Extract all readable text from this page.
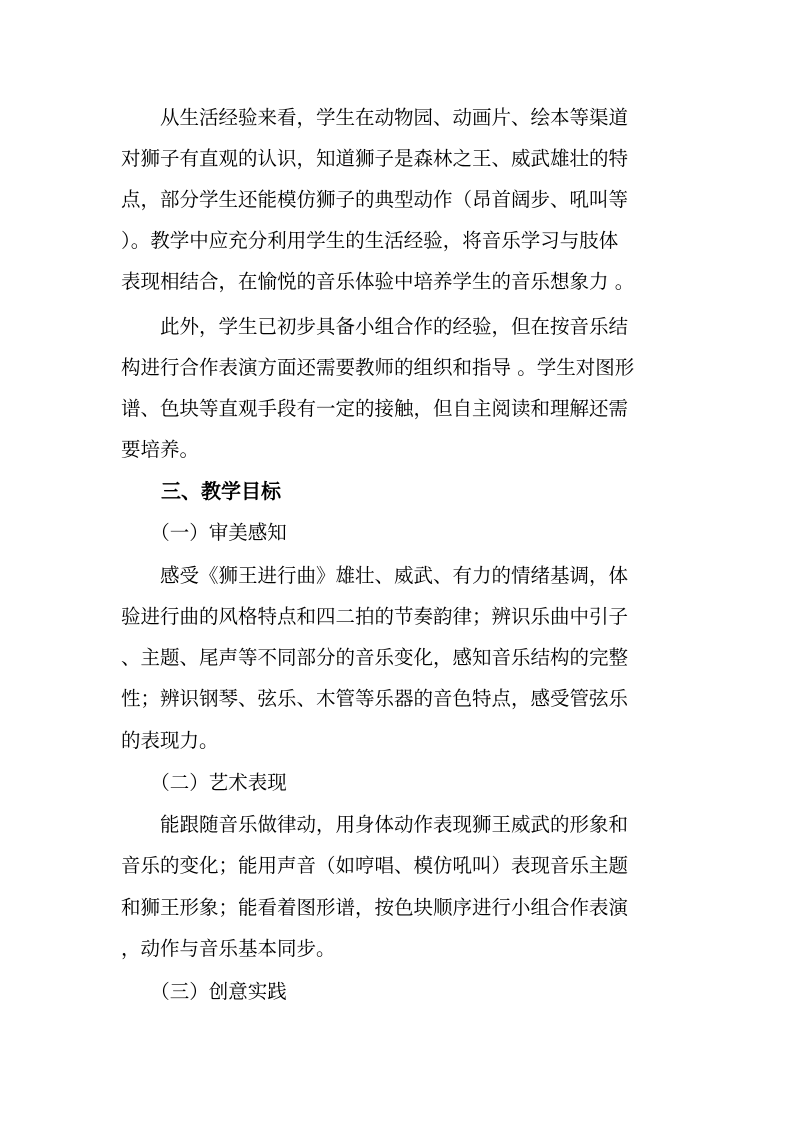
　　从生活经验来看，学生在动物园、动画片、绘本等渠道
对狮子有直观的认识，知道狮子是森林之王、威武雄壮的特
点，部分学生还能模仿狮子的典型动作（昂首阔步、吼叫等
）。教学中应充分利用学生的生活经验，将音乐学习与肢体
表现相结合，在愉悦的音乐体验中培养学生的音乐想象力 。
　　此外，学生已初步具备小组合作的经验，但在按音乐结
构进行合作表演方面还需要教师的组织和指导 。学生对图形
谱、色块等直观手段有一定的接触，但自主阅读和理解还需
要培养。
　　三、教学目标
　　（一）审美感知
　　感受《狮王进行曲》雄壮、威武、有力的情绪基调，体
验进行曲的风格特点和四二拍的节奏韵律；辨识乐曲中引子
、主题、尾声等不同部分的音乐变化，感知音乐结构的完整
性；辨识钢琴、弦乐、木管等乐器的音色特点，感受管弦乐
的表现力。
　　（二）艺术表现
　　能跟随音乐做律动，用身体动作表现狮王威武的形象和
音乐的变化；能用声音（如哼唱、模仿吼叫）表现音乐主题
和狮王形象；能看着图形谱，按色块顺序进行小组合作表演
，动作与音乐基本同步。
　　（三）创意实践
